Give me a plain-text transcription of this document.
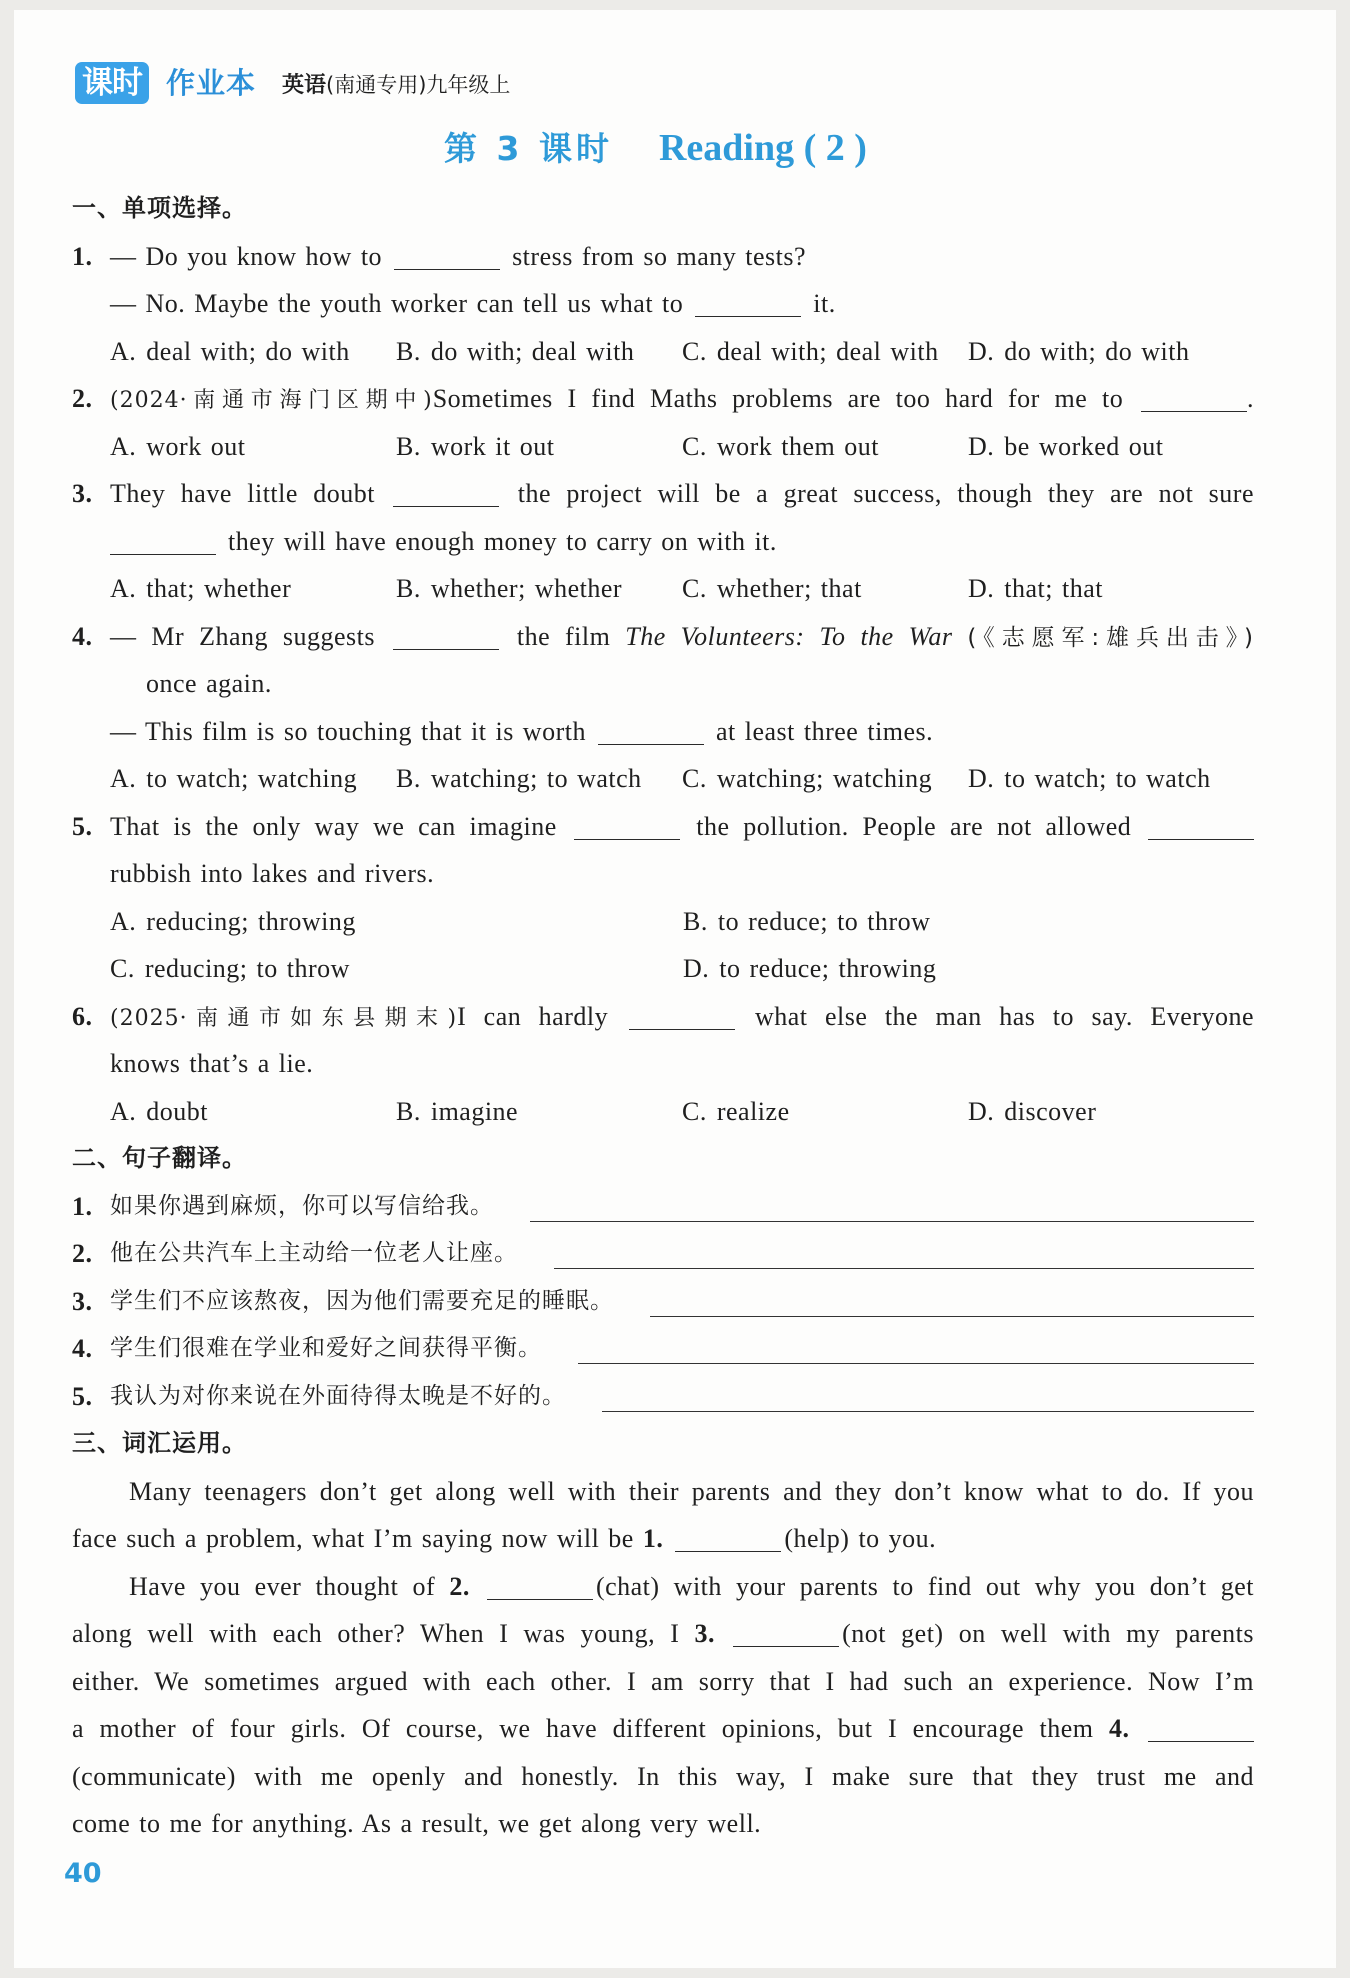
课时 作业本 英语 (南通专用)九年级上
第 3 课时 Reading ( 2 )
一、单项选择。
1. — Do you know how to	stress from so many tests?
— No. Maybe the youth worker can tell us what to	it.
A. deal with; do with	B. do with; deal with	C. deal with; deal with	D. do with; do with
2. (2024·南通市海门区期中)Sometimes I find Maths problems are too hard for me to	.
A. work out	B. work it out	C. work them out	D. be worked out
3. They have little doubt	the project will be a great success, though they are not sure
they will have enough money to carry on with it.
A. that; whether	B. whether; whether	C. whether; that	D. that; that
4. — Mr Zhang suggests	the film The Volunteers: To the War (《志愿军:雄兵出击》)
once again.
— This film is so touching that it is worth	at least three times.
A. to watch; watching	B. watching; to watch	C. watching; watching	D. to watch; to watch
5. That is the only way we can imagine	the pollution. People are not allowed
rubbish into lakes and rivers.
A. reducing; throwing	B. to reduce; to throw
C. reducing; to throw	D. to reduce; throwing
6. (2025·南通市如东县期末)I can hardly	what else the man has to say. Everyone
knows that’s a lie.
A. doubt	B. imagine	C. realize	D. discover
二、句子翻译。
1. 如果你遇到麻烦，你可以写信给我。
2. 他在公共汽车上主动给一位老人让座。
3. 学生们不应该熬夜，因为他们需要充足的睡眠。
4. 学生们很难在学业和爱好之间获得平衡。
5. 我认为对你来说在外面待得太晚是不好的。
三、词汇运用。
Many teenagers don’t get along well with their parents and they don’t know what to do. If you
face such a problem, what I’m saying now will be 1.	(help) to you.
Have you ever thought of 2.	(chat) with your parents to find out why you don’t get
along well with each other? When I was young, I 3.	(not get) on well with my parents
either. We sometimes argued with each other. I am sorry that I had such an experience. Now I’m
a mother of four girls. Of course, we have different opinions, but I encourage them 4.
(communicate) with me openly and honestly. In this way, I make sure that they trust me and
come to me for anything. As a result, we get along very well.
40
